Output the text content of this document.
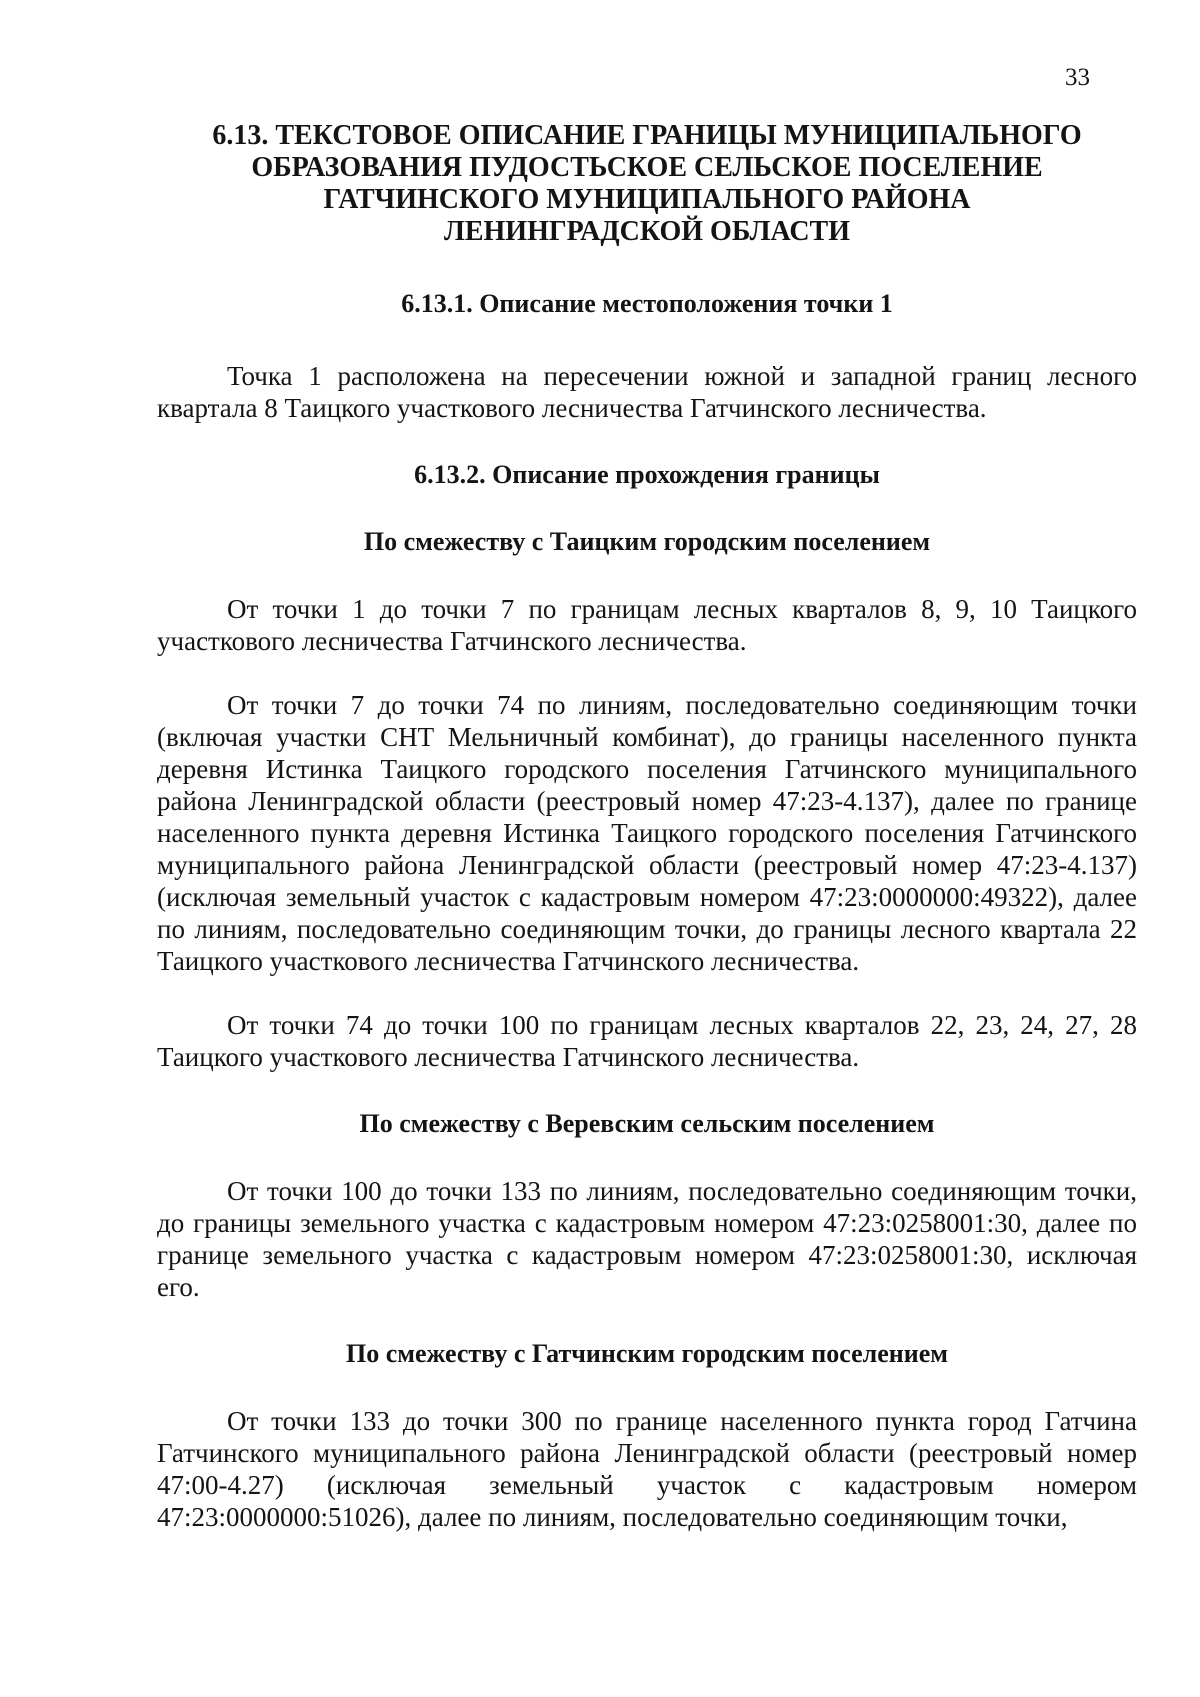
33
6.13. ТЕКСТОВОЕ ОПИСАНИЕ ГРАНИЦЫ МУНИЦИПАЛЬНОГО
ОБРАЗОВАНИЯ ПУДОСТЬСКОЕ СЕЛЬСКОЕ ПОСЕЛЕНИЕ
ГАТЧИНСКОГО МУНИЦИПАЛЬНОГО РАЙОНА
ЛЕНИНГРАДСКОЙ ОБЛАСТИ
6.13.1. Описание местоположения точки 1

Точка 1 расположена на пересечении южной и западной границ лесного квартала 8 Таицкого участкового лесничества Гатчинского лесничества.

6.13.2. Описание прохождения границы
По смежеству с Таицким городским поселением

От точки 1 до точки 7 по границам лесных кварталов 8, 9, 10 Таицкого участкового лесничества Гатчинского лесничества.

От точки 7 до точки 74 по линиям, последовательно соединяющим точки (включая участки СНТ Мельничный комбинат), до границы населенного пункта деревня Истинка Таицкого городского поселения Гатчинского муниципального района Ленинградской области (реестровый номер 47:23-4.137), далее по границе населенного пункта деревня Истинка Таицкого городского поселения Гатчинского муниципального района Ленинградской области (реестровый номер 47:23-4.137) (исключая земельный участок с кадастровым номером 47:23:0000000:49322), далее по линиям, последовательно соединяющим точки, до границы лесного квартала 22 Таицкого участкового лесничества Гатчинского лесничества.

От точки 74 до точки 100 по границам лесных кварталов 22, 23, 24, 27, 28 Таицкого участкового лесничества Гатчинского лесничества.

По смежеству с Веревским сельским поселением

От точки 100 до точки 133 по линиям, последовательно соединяющим точки, до границы земельного участка с кадастровым номером 47:23:0258001:30, далее по границе земельного участка с кадастровым номером 47:23:0258001:30, исключая его.

По смежеству с Гатчинским городским поселением

От точки 133 до точки 300 по границе населенного пункта город Гатчина Гатчинского муниципального района Ленинградской области (реестровый номер 47:00-4.27) (исключая земельный участок с кадастровым номером 47:23:0000000:51026), далее по линиям, последовательно соединяющим точки,
